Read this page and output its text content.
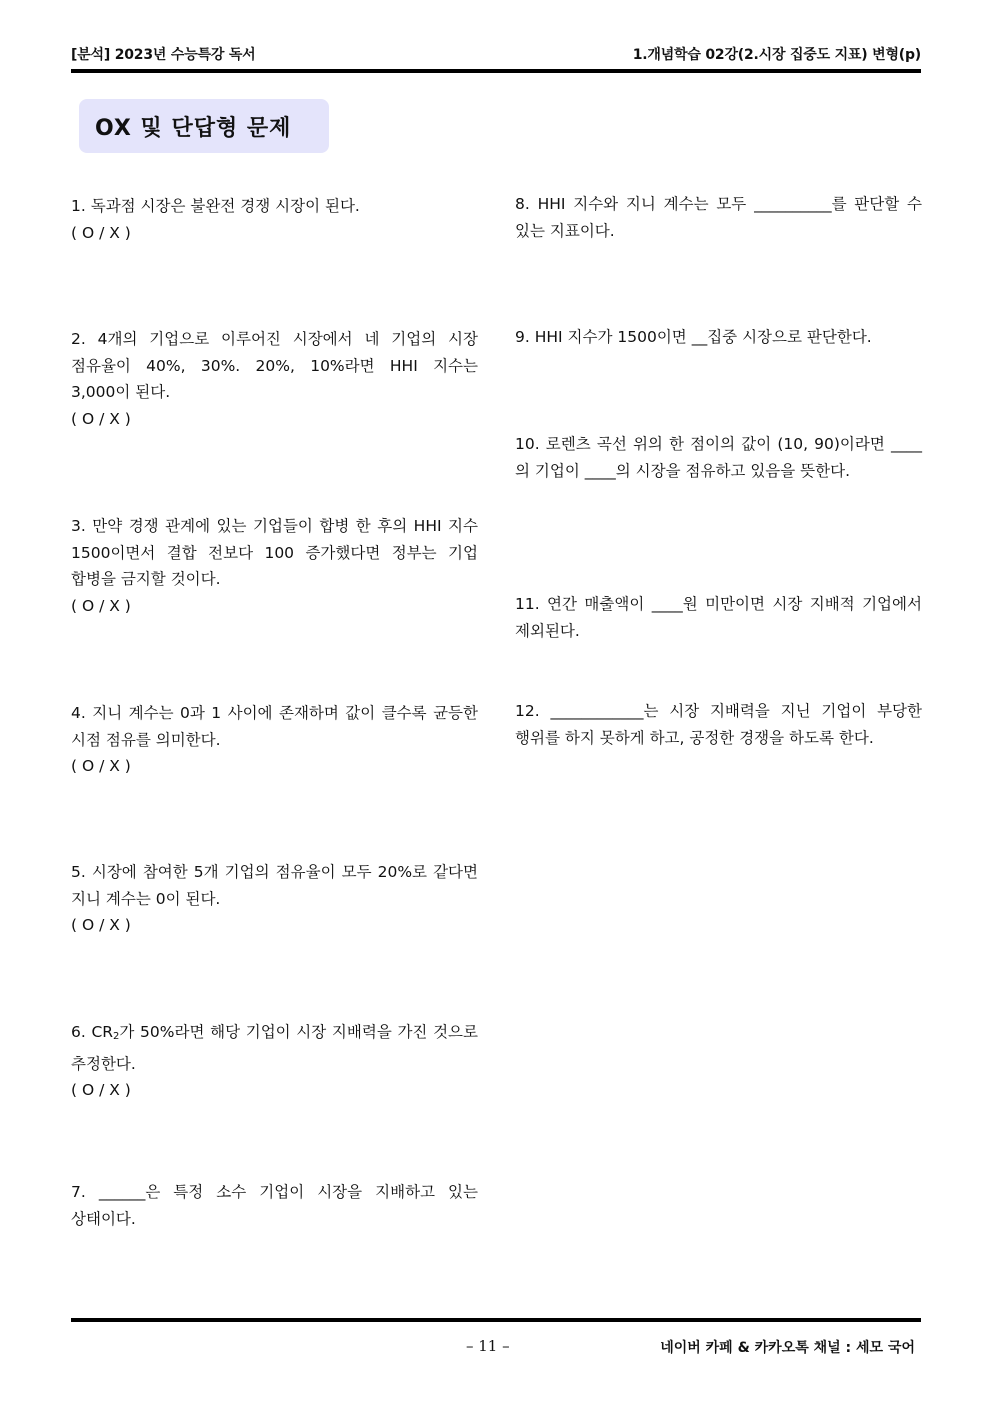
[분석] 2023년 수능특강 독서	1.개념학습 02강(2.시장 집중도 지표) 변형(p)
OX 및 단답형 문제
1. 독과점 시장은 불완전 경쟁 시장이 된다.
( O / X )
2. 4개의 기업으로 이루어진 시장에서 네 기업의 시장 점유율이 40%, 30%. 20%, 10%라면 HHI 지수는 3,000이 된다.
( O / X )
3. 만약 경쟁 관계에 있는 기업들이 합병 한 후의 HHI 지수 1500이면서 결합 전보다 100 증가했다면 정부는 기업 합병을 금지할 것이다.
( O / X )
4. 지니 계수는 0과 1 사이에 존재하며 값이 클수록 균등한 시점 점유를 의미한다.
( O / X )
5. 시장에 참여한 5개 기업의 점유율이 모두 20%로 같다면 지니 계수는 0이 된다.
( O / X )
6. $CR_2$가 50%라면 해당 기업이 시장 지배력을 가진 것으로 추정한다.
( O / X )
7. ______은 특정 소수 기업이 시장을 지배하고 있는 상태이다.
8. HHI 지수와 지니 계수는 모두 __________를 판단할 수 있는 지표이다.
9. HHI 지수가 1500이면 __집중 시장으로 판단한다.
10. 로렌츠 곡선 위의 한 점이의 값이 (10, 90)이라면 ____의 기업이 ____의 시장을 점유하고 있음을 뜻한다.
11. 연간 매출액이 ____원 미만이면 시장 지배적 기업에서 제외된다.
12. ____________는 시장 지배력을 지닌 기업이 부당한 행위를 하지 못하게 하고, 공정한 경쟁을 하도록 한다.
– 11 –	네이버 카페 & 카카오톡 채널 : 세모 국어
